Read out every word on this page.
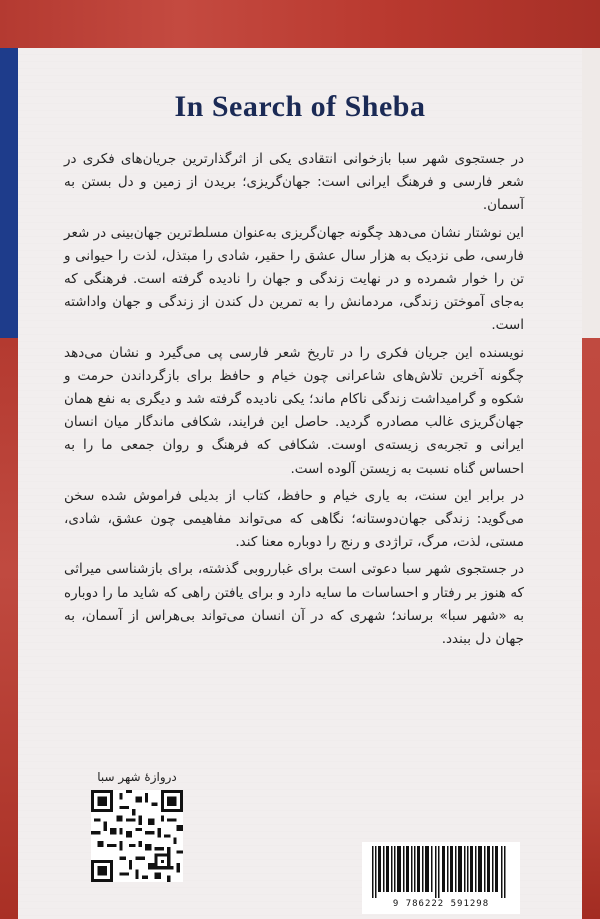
In Search of Sheba

در جستجوی شهر سبا بازخوانی انتقادی یکی از اثرگذارترین جریان‌های فکری در شعر فارسی و فرهنگ ایرانی است: جهان‌گریزی؛ بریدن از زمین و دل بستن به آسمان.

این نوشتار نشان می‌دهد چگونه جهان‌گریزی به‌عنوان مسلط‌ترین جهان‌بینی در شعر فارسی، طی نزدیک به هزار سال عشق را حقیر، شادی را مبتذل، لذت را حیوانی و تن را خوار شمرده و در نهایت زندگی و جهان را نادیده گرفته است. فرهنگی که به‌جای آموختن زندگی، مردمانش را به تمرین دل کندن از زندگی و جهان واداشته است.

نویسنده این جریان فکری را در تاریخ شعر فارسی پی می‌گیرد و نشان می‌دهد چگونه آخرین تلاش‌های شاعرانی چون خیام و حافظ برای بازگرداندن حرمت و شکوه و گرامیداشت زندگی ناکام ماند؛ یکی نادیده گرفته شد و دیگری به نفع همان جهان‌گریزی غالب مصادره گردید. حاصل این فرایند، شکافی ماندگار میان انسان ایرانی و تجربه‌ی زیسته‌ی اوست. شکافی که فرهنگ و روان جمعی ما را به احساس گناه نسبت به زیستن آلوده است.

در برابر این سنت، به یاری خیام و حافظ، کتاب از بدیلی فراموش شده سخن می‌گوید: زندگی جهان‌دوستانه؛ نگاهی که می‌تواند مفاهیمی چون عشق، شادی، مستی، لذت، مرگ، تراژدی و رنج را دوباره معنا کند.

در جستجوی شهر سبا دعوتی است برای غبارروبی گذشته، برای بازشناسی میراثی که هنوز بر رفتار و احساسات ما سایه دارد و برای یافتن راهی که شاید ما را دوباره به «شهر سبا» برساند؛ شهری که در آن انسان می‌تواند بی‌هراس از آسمان، به جهان دل ببندد.

دروازهٔ شهر سبا
9 786222 591298
